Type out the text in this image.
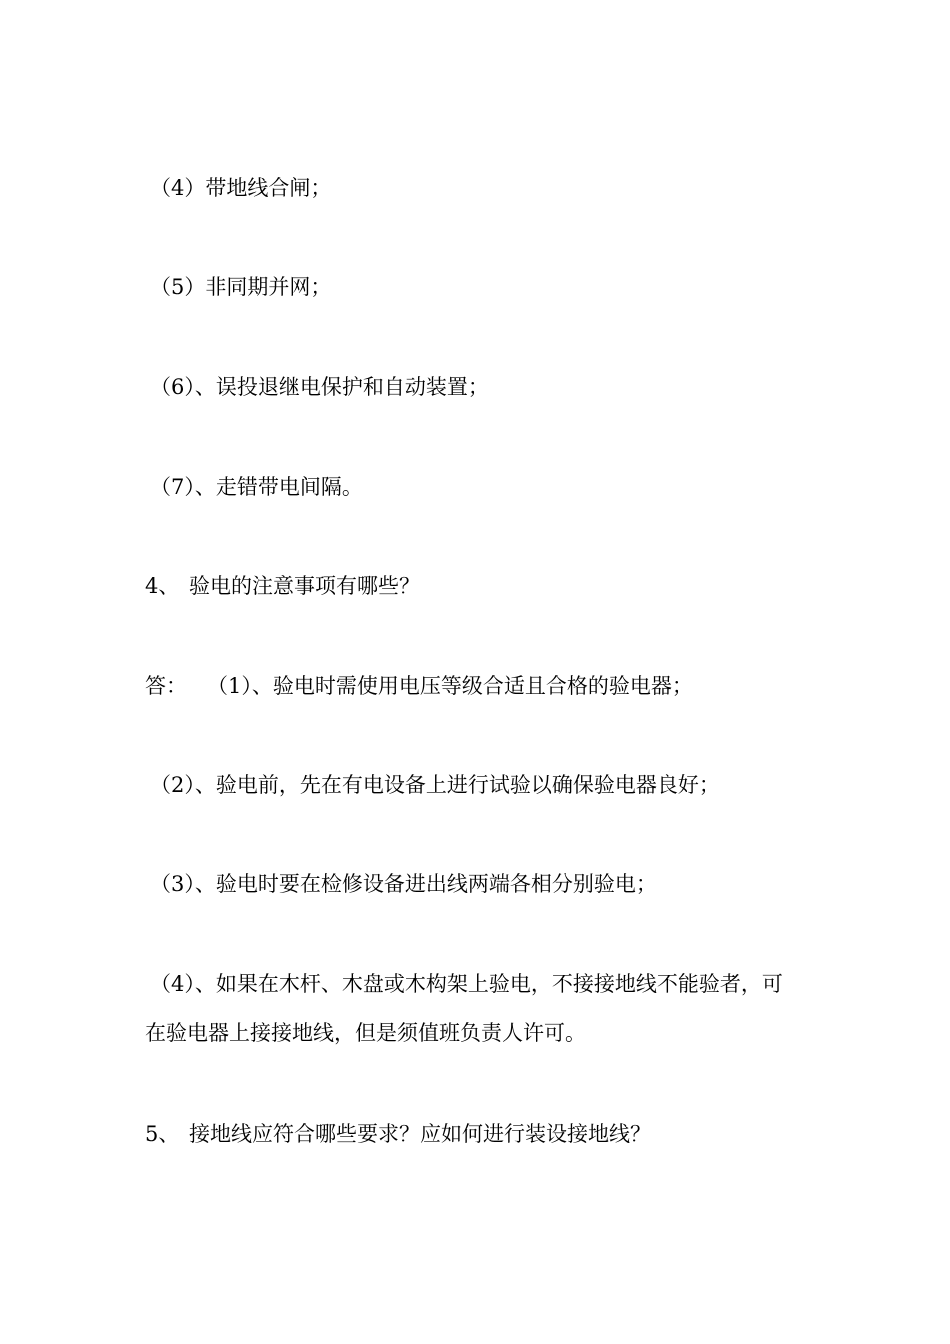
（4）带地线合闸；
（5）非同期并网；
（6）、误投退继电保护和自动装置；
（7）、走错带电间隔。
4、 验电的注意事项有哪些？
答： （1）、验电时需使用电压等级合适且合格的验电器；
（2）、验电前，先在有电设备上进行试验以确保验电器良好；
（3）、验电时要在检修设备进出线两端各相分别验电；
（4）、如果在木杆、木盘或木构架上验电，不接接地线不能验者，可
在验电器上接接地线，但是须值班负责人许可。
5、 接地线应符合哪些要求？应如何进行装设接地线？
